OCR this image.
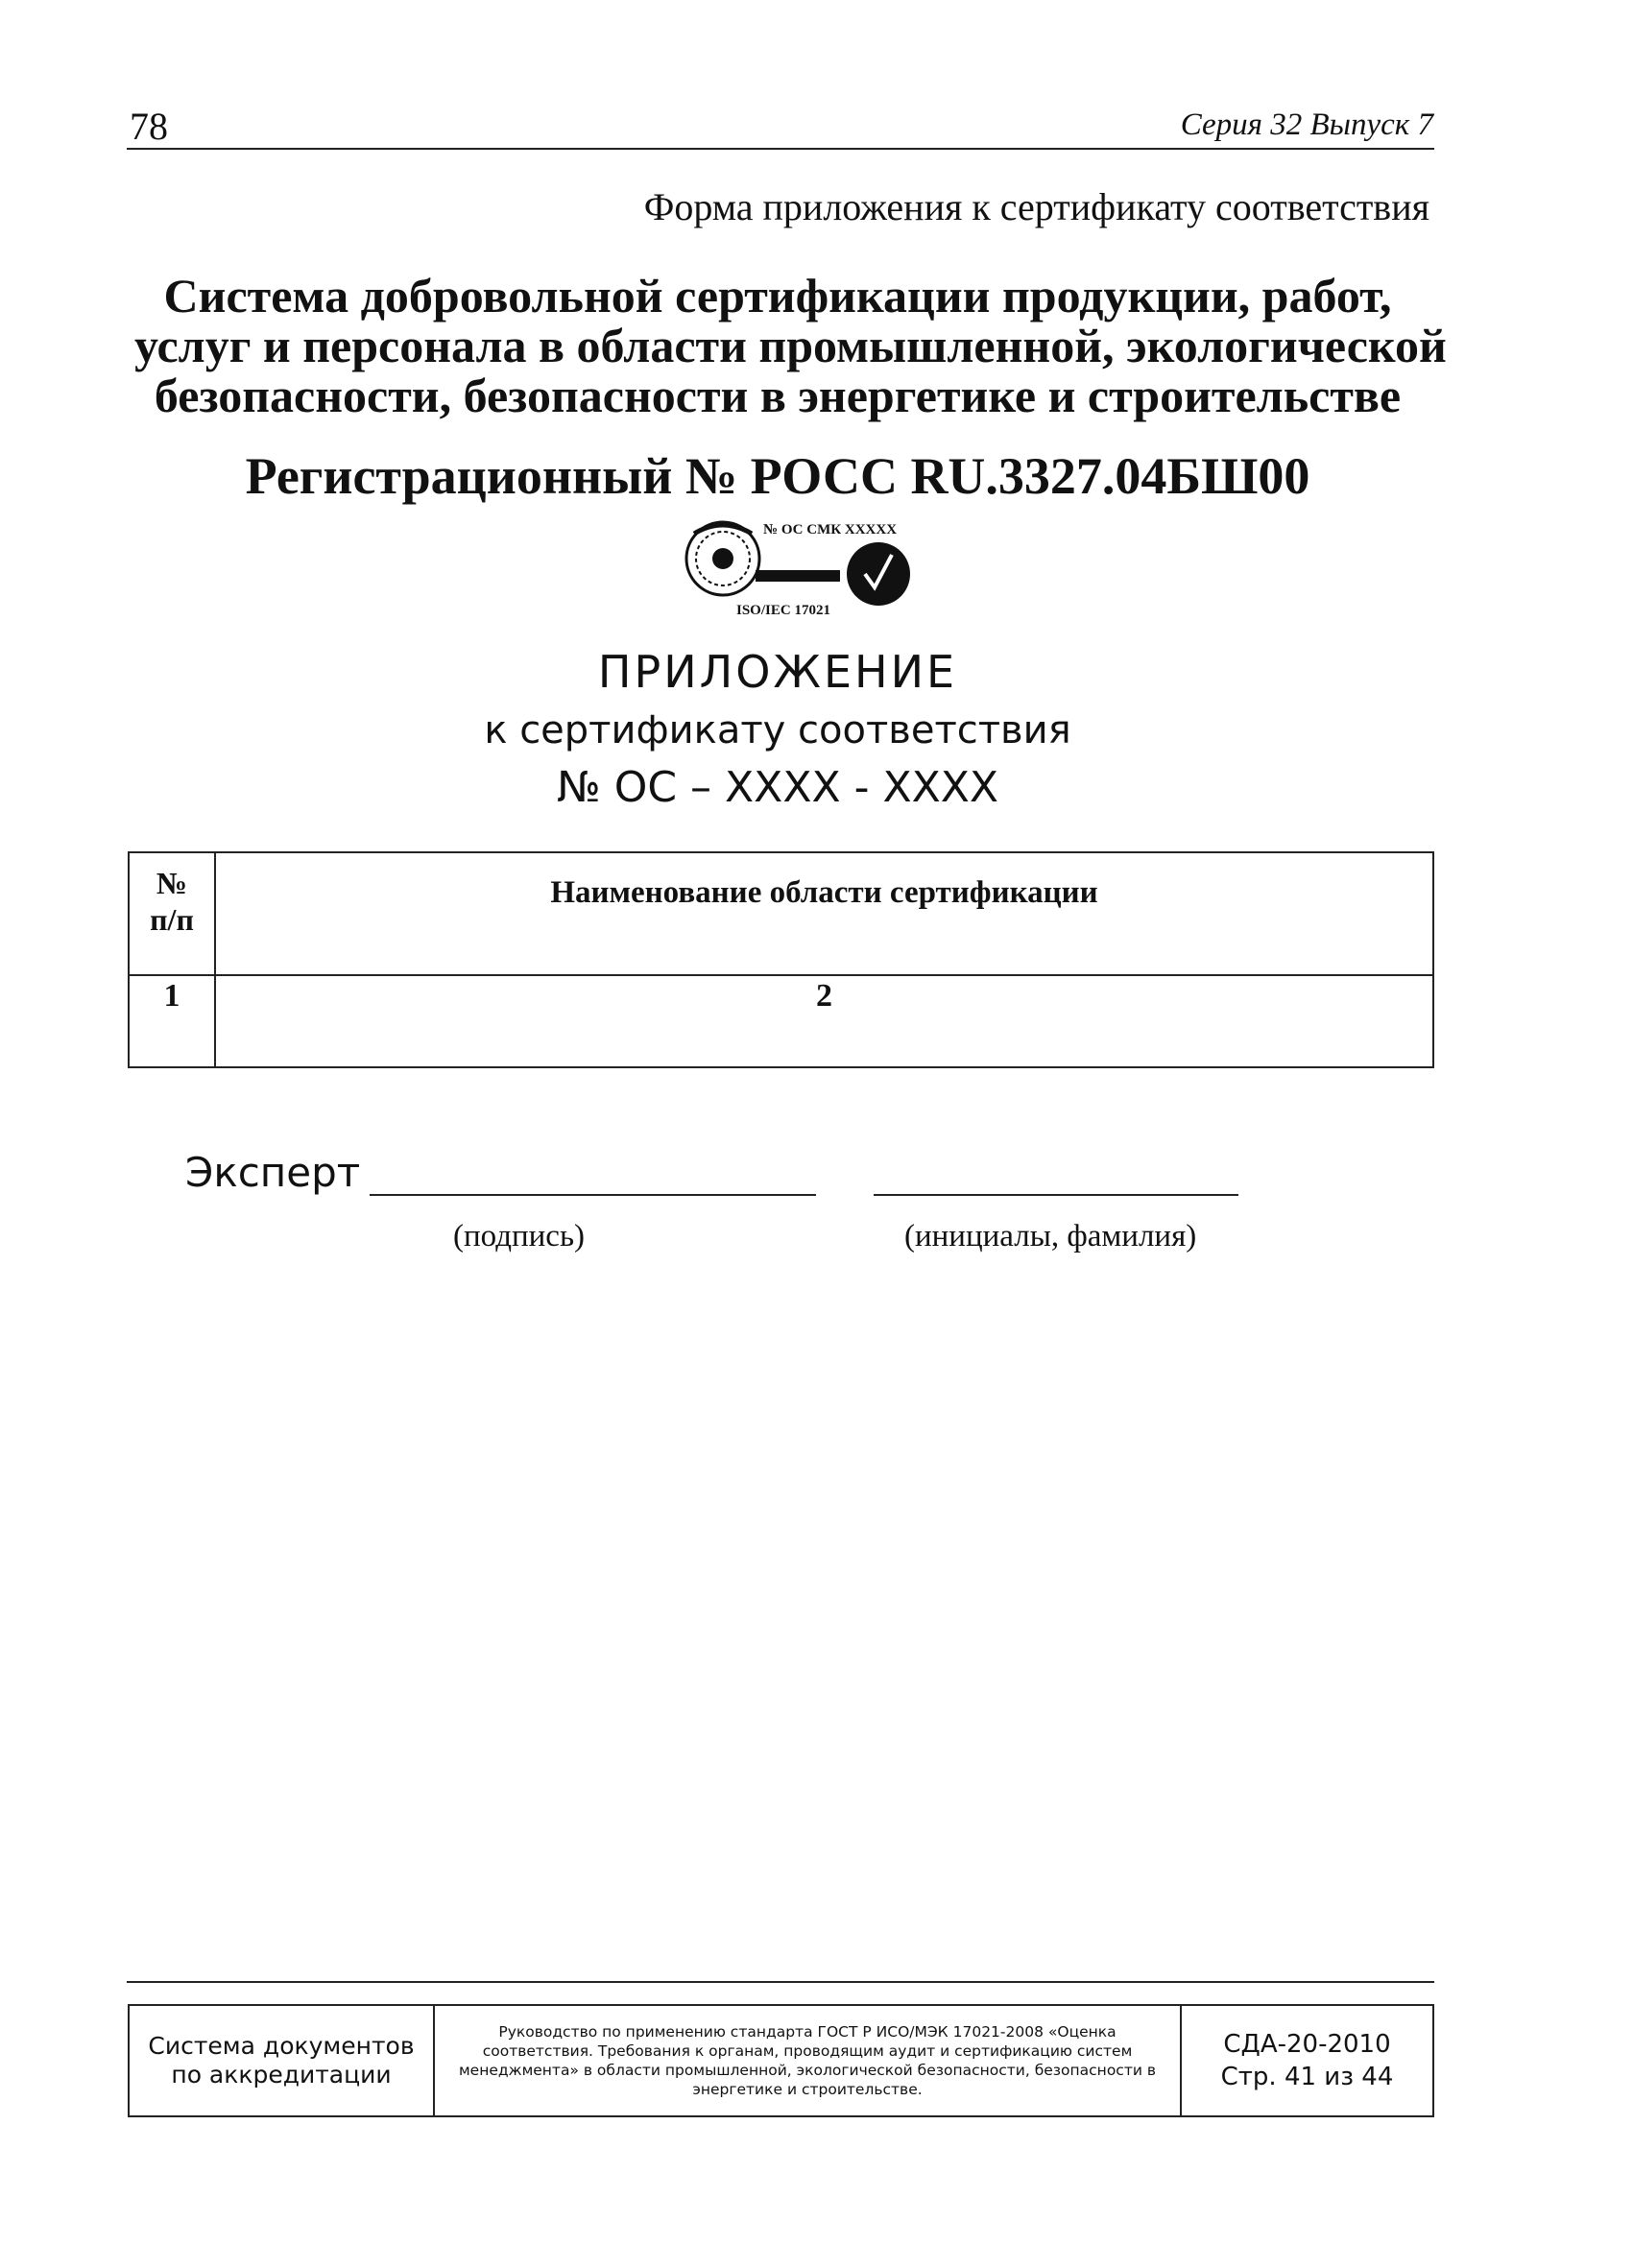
78	Серия 32 Выпуск 7
Форма приложения к сертификату соответствия
Система добровольной сертификации продукции, работ,
услуг и персонала в области промышленной, экологической
безопасности, безопасности в энергетике и строительстве
Регистрационный № РОСС RU.3327.04БШ00
№ ОС СМК XXXXX
ISO/IEC 17021
ПРИЛОЖЕНИЕ
к сертификату соответствия
№ ОС – XXXX - XXXX
№
п/п	Наименование области сертификации
1	2
Эксперт
(подпись)	(инициалы, фамилия)
Система документов по аккредитации	Руководство по применению стандарта ГОСТ Р ИСО/МЭК 17021-2008 «Оценка соответствия. Требования к органам, проводящим аудит и сертификацию систем менеджмента» в области промышленной, экологической безопасности, безопасности в энергетике и строительстве.	
СДА-20-2010
Стр. 41 из 44
